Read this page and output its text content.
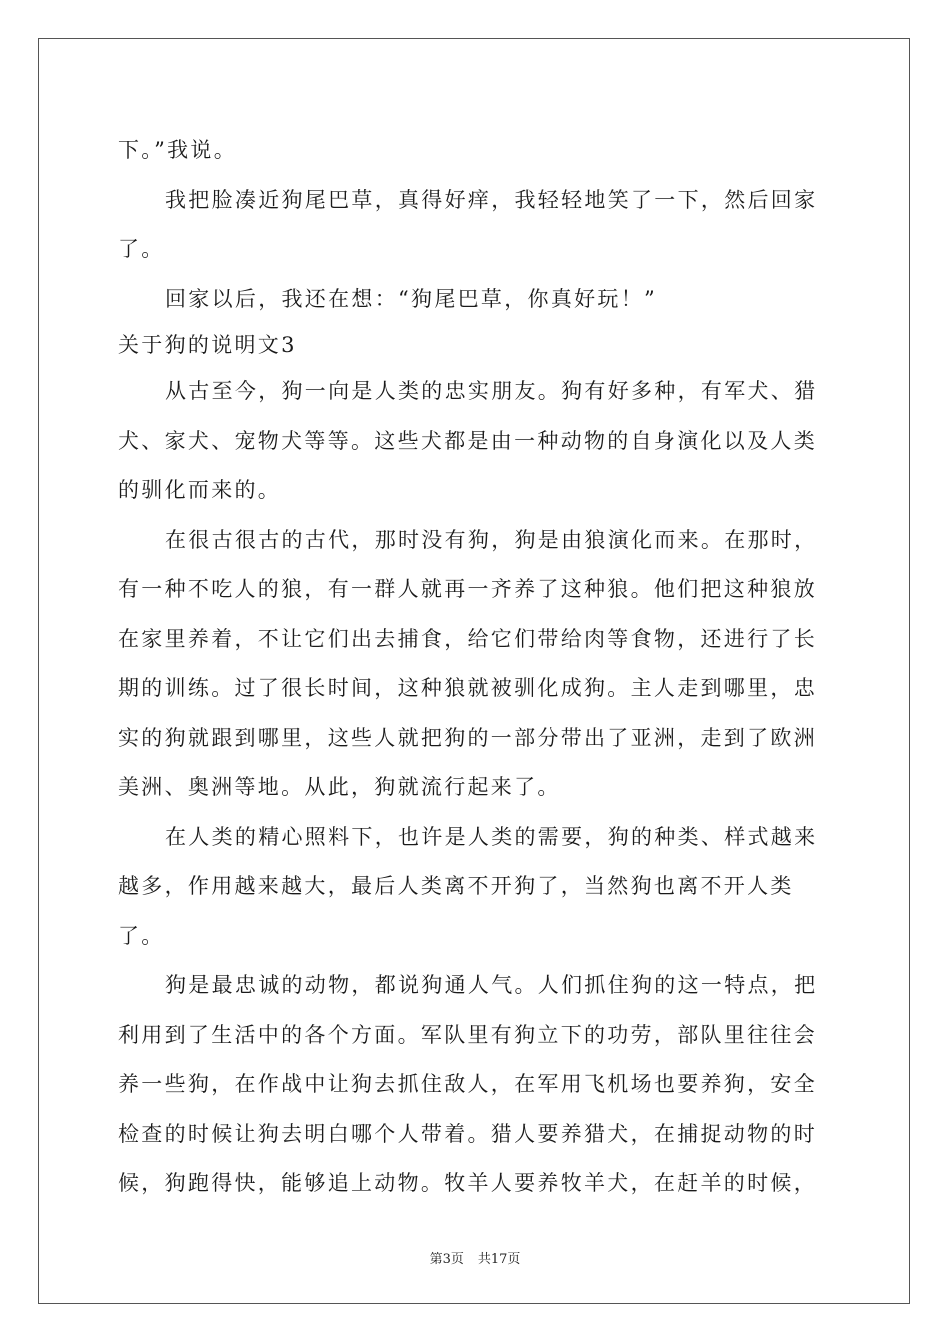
下。”我说。

我把脸凑近狗尾巴草，真得好痒，我轻轻地笑了一下，然后回家了。

回家以后，我还在想：“狗尾巴草，你真好玩！”

关于狗的说明文3

从古至今，狗一向是人类的忠实朋友。狗有好多种，有军犬、猎犬、家犬、宠物犬等等。这些犬都是由一种动物的自身演化以及人类的驯化而来的。

在很古很古的古代，那时没有狗，狗是由狼演化而来。在那时，有一种不吃人的狼，有一群人就再一齐养了这种狼。他们把这种狼放在家里养着，不让它们出去捕食，给它们带给肉等食物，还进行了长期的训练。过了很长时间，这种狼就被驯化成狗。主人走到哪里，忠实的狗就跟到哪里，这些人就把狗的一部分带出了亚洲，走到了欧洲美洲、奥洲等地。从此，狗就流行起来了。

在人类的精心照料下，也许是人类的需要，狗的种类、样式越来越多，作用越来越大，最后人类离不开狗了，当然狗也离不开人类了。

狗是最忠诚的动物，都说狗通人气。人们抓住狗的这一特点，把利用到了生活中的各个方面。军队里有狗立下的功劳，部队里往往会养一些狗，在作战中让狗去抓住敌人，在军用飞机场也要养狗，安全检查的时候让狗去明白哪个人带着。猎人要养猎犬，在捕捉动物的时候，狗跑得快，能够追上动物。牧羊人要养牧羊犬，在赶羊的时候，

第3页 共17页
